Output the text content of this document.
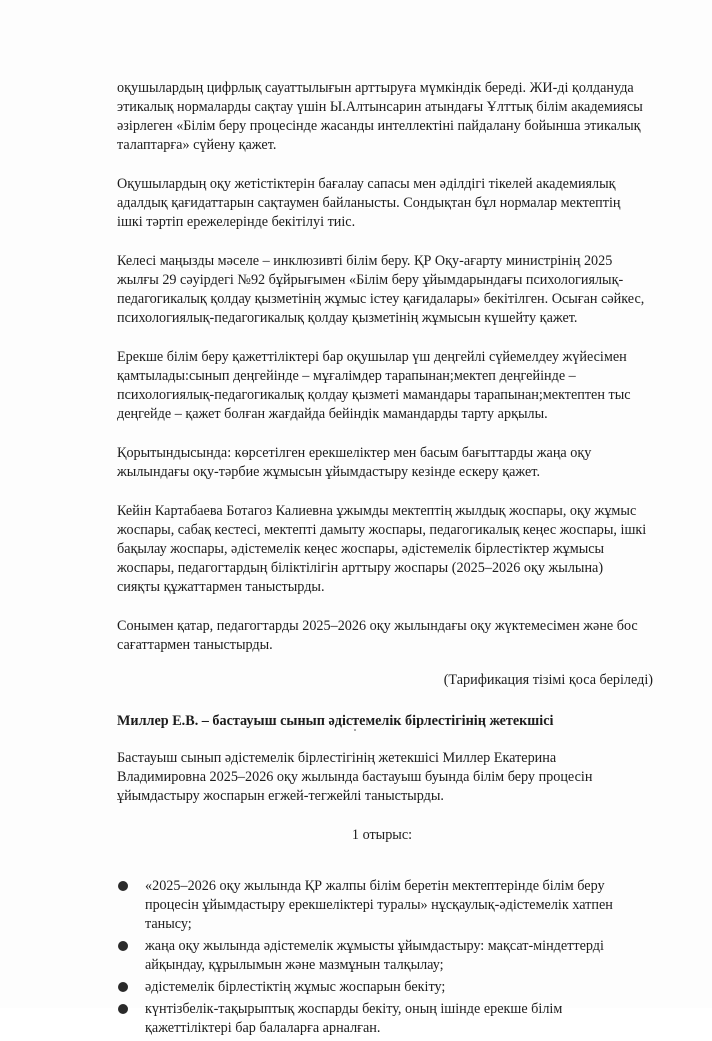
оқушылардың цифрлық сауаттылығын арттыруға мүмкіндік береді. ЖИ-ді қолдануда этикалық нормаларды сақтау үшін Ы.Алтынсарин атындағы Ұлттық білім академиясы әзірлеген «Білім беру процесінде жасанды интеллектіні пайдалану бойынша этикалық талаптарға» сүйену қажет.

Оқушылардың оқу жетістіктерін бағалау сапасы мен әділдігі тікелей академиялық адалдық қағидаттарын сақтаумен байланысты. Сондықтан бұл нормалар мектептің ішкі тәртіп ережелерінде бекітілуі тиіс.

Келесі маңызды мәселе – инклюзивті білім беру. ҚР Оқу-ағарту министрінің 2025 жылғы 29 сәуірдегі №92 бұйрығымен «Білім беру ұйымдарындағы психологиялық-педагогикалық қолдау қызметінің жұмыс істеу қағидалары» бекітілген. Осыған сәйкес, психологиялық-педагогикалық қолдау қызметінің жұмысын күшейту қажет.

Ерекше білім беру қажеттіліктері бар оқушылар үш деңгейлі сүйемелдеу жүйесімен қамтылады:сынып деңгейінде – мұғалімдер тарапынан;мектеп деңгейінде – психологиялық-педагогикалық қолдау қызметі мамандары тарапынан;мектептен тыс деңгейде – қажет болған жағдайда бейіндік мамандарды тарту арқылы.

Қорытындысында: көрсетілген ерекшеліктер мен басым бағыттарды жаңа оқу жылындағы оқу-тәрбие жұмысын ұйымдастыру кезінде ескеру қажет.

Кейін Картабаева Ботагоз Калиевна ұжымды мектептің жылдық жоспары, оқу жұмыс жоспары, сабақ кестесі, мектепті дамыту жоспары, педагогикалық кеңес жоспары, ішкі бақылау жоспары, әдістемелік кеңес жоспары, әдістемелік бірлестіктер жұмысы жоспары, педагогтардың біліктілігін арттыру жоспары (2025–2026 оқу жылына) сияқты құжаттармен таныстырды.

Сонымен қатар, педагогтарды 2025–2026 оқу жылындағы оқу жүктемесімен және бос сағаттармен таныстырды.

(Тарификация тізімі қоса беріледі)
Миллер Е.В. – бастауыш сынып әдістемелік бірлестігінің жетекшісі

Бастауыш сынып әдістемелік бірлестігінің жетекшісі Миллер Екатерина Владимировна 2025–2026 оқу жылында бастауыш буында білім беру процесін ұйымдастыру жоспарын егжей-тегжейлі таныстырды.

1 отырыс:
«2025–2026 оқу жылында ҚР жалпы білім беретін мектептерінде білім беру процесін ұйымдастыру ерекшеліктері туралы» нұсқаулық-әдістемелік хатпен танысу;
жаңа оқу жылында әдістемелік жұмысты ұйымдастыру: мақсат-міндеттерді айқындау, құрылымын және мазмұнын талқылау;
әдістемелік бірлестіктің жұмыс жоспарын бекіту;
күнтізбелік-тақырыптық жоспарды бекіту, оның ішінде ерекше білім қажеттіліктері бар балаларға арналған.
